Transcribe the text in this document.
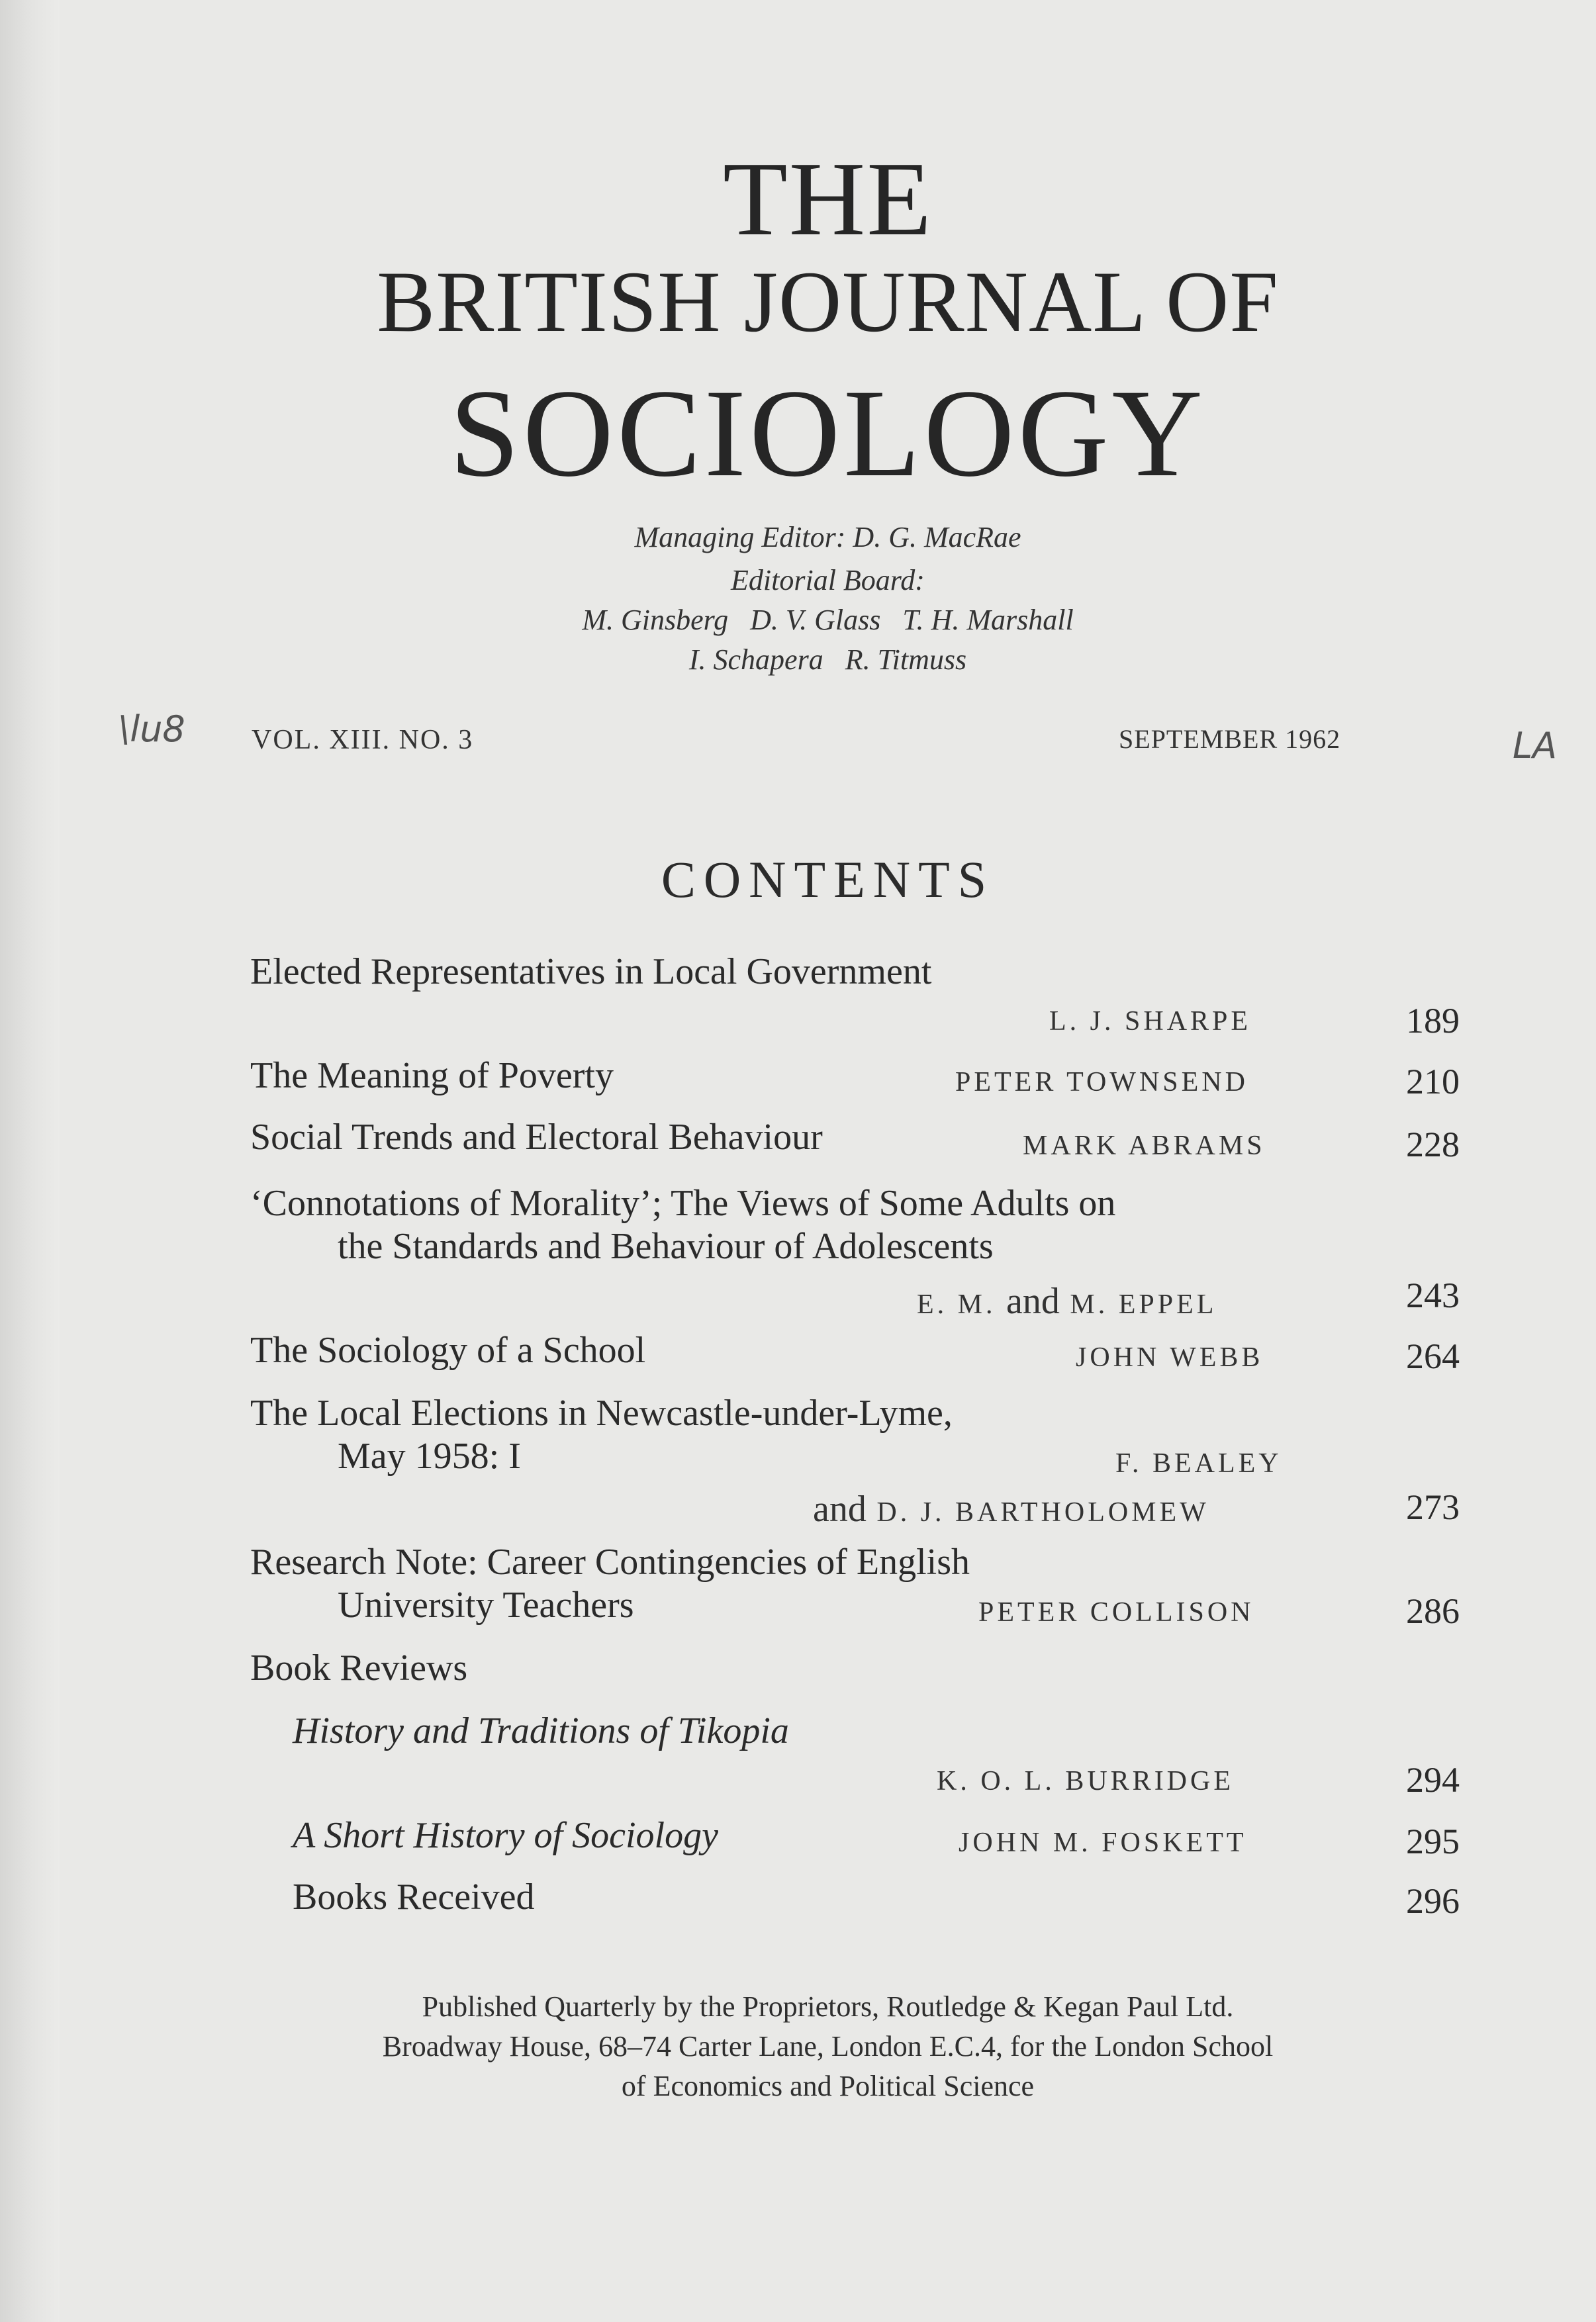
THE
BRITISH JOURNAL OF
SOCIOLOGY
Managing Editor: D. G. MacRae
Editorial Board:
M. Ginsberg   D. V. Glass   T. H. Marshall
I. Schapera   R. Titmuss
\lu8	LA
VOL. XIII. NO. 3	SEPTEMBER 1962
CONTENTS
Elected Representatives in Local Government
L. J. SHARPE	189
The Meaning of Poverty	PETER TOWNSEND	210
Social Trends and Electoral Behaviour	MARK ABRAMS	228
‘Connotations of Morality’; The Views of Some Adults on
the Standards and Behaviour of Adolescents
E. M. and M. EPPEL	243
The Sociology of a School	JOHN WEBB	264
The Local Elections in Newcastle-under-Lyme,
May 1958: I	F. BEALEY
and D. J. BARTHOLOMEW	273
Research Note: Career Contingencies of English
University Teachers	PETER COLLISON	286
Book Reviews
History and Traditions of Tikopia
K. O. L. BURRIDGE	294
A Short History of Sociology	JOHN M. FOSKETT	295
Books Received	296
Published Quarterly by the Proprietors, Routledge & Kegan Paul Ltd.
Broadway House, 68–74 Carter Lane, London E.C.4, for the London School
of Economics and Political Science
